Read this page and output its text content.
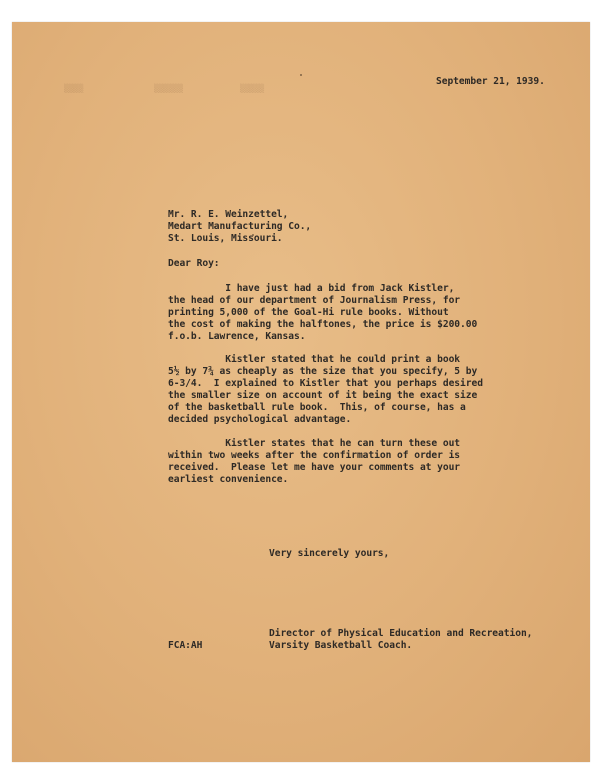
▒▒▒▒	▒▒▒▒▒▒	▒▒▒▒▒
September 21, 1939.
Mr. R. E. Weinzettel,
Medart Manufacturing Co.,
St. Louis, Missouri.
Dear Roy:
I have just had a bid from Jack Kistler,
the head of our department of Journalism Press, for
printing 5,000 of the Goal-Hi rule books. Without
the cost of making the halftones, the price is $200.00
f.o.b. Lawrence, Kansas.
Kistler stated that he could print a book
5½ by 7¾ as cheaply as the size that you specify, 5 by
6-3/4.  I explained to Kistler that you perhaps desired
the smaller size on account of it being the exact size
of the basketball rule book.  This, of course, has a
decided psychological advantage.
Kistler states that he can turn these out
within two weeks after the confirmation of order is
received.  Please let me have your comments at your
earliest convenience.
Very sincerely yours,
Director of Physical Education and Recreation,
FCA:AH	Varsity Basketball Coach.
